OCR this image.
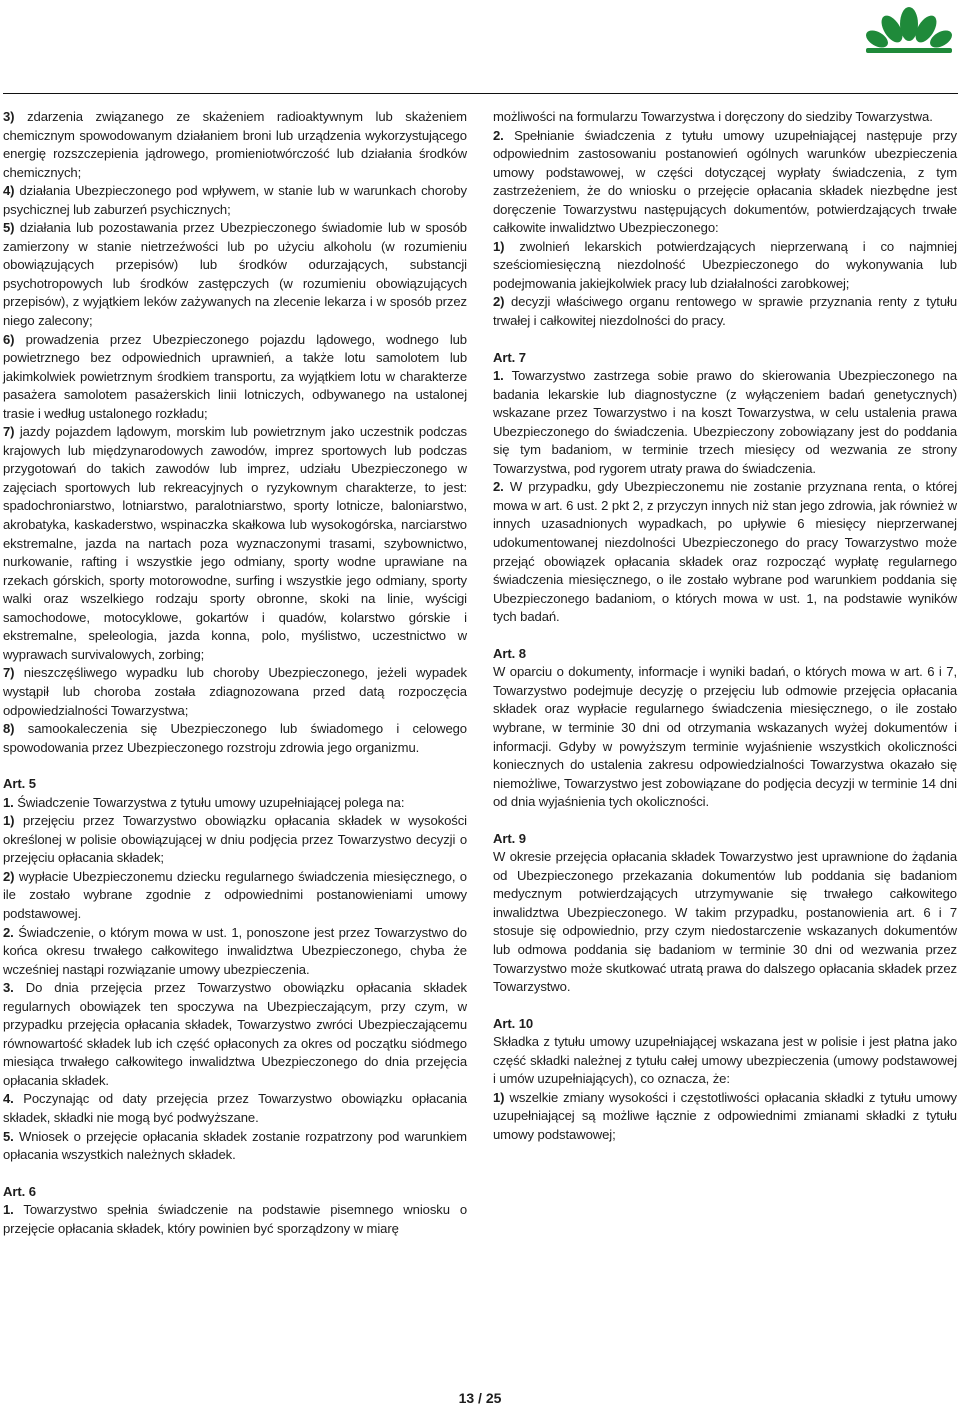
3) zdarzenia związanego ze skażeniem radioaktywnym lub skażeniem chemicznym spowodowanym działaniem broni lub urządzenia wykorzystującego energię rozszczepienia jądrowego, promieniotwórczość lub działania środków chemicznych;

4) działania Ubezpieczonego pod wpływem, w stanie lub w warunkach choroby psychicznej lub zaburzeń psychicznych;

5) działania lub pozostawania przez Ubezpieczonego świadomie lub w sposób zamierzony w stanie nietrzeźwości lub po użyciu alkoholu (w rozumieniu obowiązujących przepisów) lub środków odurzających, substancji psychotropowych lub środków zastępczych (w rozumieniu obowiązujących przepisów), z wyjątkiem leków zażywanych na zlecenie lekarza i w sposób przez niego zalecony;

6) prowadzenia przez Ubezpieczonego pojazdu lądowego, wodnego lub powietrznego bez odpowiednich uprawnień, a także lotu samolotem lub jakimkolwiek powietrznym środkiem transportu, za wyjątkiem lotu w charakterze pasażera samolotem pasażerskich linii lotniczych, odbywanego na ustalonej trasie i według ustalonego rozkładu;

7) jazdy pojazdem lądowym, morskim lub powietrznym jako uczestnik podczas krajowych lub międzynarodowych zawodów, imprez sportowych lub podczas przygotowań do takich zawodów lub imprez, udziału Ubezpieczonego w zajęciach sportowych lub rekreacyjnych o ryzykownym charakterze, to jest: spadochroniarstwo, lotniarstwo, paralotniarstwo, sporty lotnicze, baloniarstwo, akrobatyka, kaskaderstwo, wspinaczka skałkowa lub wysokogórska, narciarstwo ekstremalne, jazda na nartach poza wyznaczonymi trasami, szybownictwo, nurkowanie, rafting i wszystkie jego odmiany, sporty wodne uprawiane na rzekach górskich, sporty motorowodne, surfing i wszystkie jego odmiany, sporty walki oraz wszelkiego rodzaju sporty obronne, skoki na linie, wyścigi samochodowe, motocyklowe, gokartów i quadów, kolarstwo górskie i ekstremalne, speleologia, jazda konna, polo, myślistwo, uczestnictwo w wyprawach survivalowych, zorbing;

7) nieszczęśliwego wypadku lub choroby Ubezpieczonego, jeżeli wypadek wystąpił lub choroba została zdiagnozowana przed datą rozpoczęcia odpowiedzialności Towarzystwa;

8) samookaleczenia się Ubezpieczonego lub świadomego i celowego spowodowania przez Ubezpieczonego rozstroju zdrowia jego organizmu.

Art. 5

1. Świadczenie Towarzystwa z tytułu umowy uzupełniającej polega na:

1) przejęciu przez Towarzystwo obowiązku opłacania składek w wysokości określonej w polisie obowiązującej w dniu podjęcia przez Towarzystwo decyzji o przejęciu opłacania składek;

2) wypłacie Ubezpieczonemu dziecku regularnego świadczenia miesięcznego, o ile zostało wybrane zgodnie z odpowiednimi postanowieniami umowy podstawowej.

2. Świadczenie, o którym mowa w ust. 1, ponoszone jest przez Towarzystwo do końca okresu trwałego całkowitego inwalidztwa Ubezpieczonego, chyba że wcześniej nastąpi rozwiązanie umowy ubezpieczenia.

3. Do dnia przejęcia przez Towarzystwo obowiązku opłacania składek regularnych obowiązek ten spoczywa na Ubezpieczającym, przy czym, w przypadku przejęcia opłacania składek, Towarzystwo zwróci Ubezpieczającemu równowartość składek lub ich część opłaconych za okres od początku siódmego miesiąca trwałego całkowitego inwalidztwa Ubezpieczonego do dnia przejęcia opłacania składek.

4. Poczynając od daty przejęcia przez Towarzystwo obowiązku opłacania składek, składki nie mogą być podwyższane.

5. Wniosek o przejęcie opłacania składek zostanie rozpatrzony pod warunkiem opłacania wszystkich należnych składek.

Art. 6

1. Towarzystwo spełnia świadczenie na podstawie pisemnego wniosku o przejęcie opłacania składek, który powinien być sporządzony w miarę

możliwości na formularzu Towarzystwa i doręczony do siedziby Towarzystwa.

2. Spełnianie świadczenia z tytułu umowy uzupełniającej następuje przy odpowiednim zastosowaniu postanowień ogólnych warunków ubezpieczenia umowy podstawowej, w części dotyczącej wypłaty świadczenia, z tym zastrzeżeniem, że do wniosku o przejęcie opłacania składek niezbędne jest doręczenie Towarzystwu następujących dokumentów, potwierdzających trwałe całkowite inwalidztwo Ubezpieczonego:

1) zwolnień lekarskich potwierdzających nieprzerwaną i co najmniej sześciomiesięczną niezdolność Ubezpieczonego do wykonywania lub podejmowania jakiejkolwiek pracy lub działalności zarobkowej;

2) decyzji właściwego organu rentowego w sprawie przyznania renty z tytułu trwałej i całkowitej niezdolności do pracy.

Art. 7

1. Towarzystwo zastrzega sobie prawo do skierowania Ubezpieczonego na badania lekarskie lub diagnostyczne (z wyłączeniem badań genetycznych) wskazane przez Towarzystwo i na koszt Towarzystwa, w celu ustalenia prawa Ubezpieczonego do świadczenia. Ubezpieczony zobowiązany jest do poddania się tym badaniom, w terminie trzech miesięcy od wezwania ze strony Towarzystwa, pod rygorem utraty prawa do świadczenia.

2. W przypadku, gdy Ubezpieczonemu nie zostanie przyznana renta, o której mowa w art. 6 ust. 2 pkt 2, z przyczyn innych niż stan jego zdrowia, jak również w innych uzasadnionych wypadkach, po upływie 6 miesięcy nieprzerwanej udokumentowanej niezdolności Ubezpieczonego do pracy Towarzystwo może przejąć obowiązek opłacania składek oraz rozpocząć wypłatę regularnego świadczenia miesięcznego, o ile zostało wybrane pod warunkiem poddania się Ubezpieczonego badaniom, o których mowa w ust. 1, na podstawie wyników tych badań.

Art. 8

W oparciu o dokumenty, informacje i wyniki badań, o których mowa w art. 6 i 7, Towarzystwo podejmuje decyzję o przejęciu lub odmowie przejęcia opłacania składek oraz wypłacie regularnego świadczenia miesięcznego, o ile zostało wybrane, w terminie 30 dni od otrzymania wskazanych wyżej dokumentów i informacji. Gdyby w powyższym terminie wyjaśnienie wszystkich okoliczności koniecznych do ustalenia zakresu odpowiedzialności Towarzystwa okazało się niemożliwe, Towarzystwo jest zobowiązane do podjęcia decyzji w terminie 14 dni od dnia wyjaśnienia tych okoliczności.

Art. 9

W okresie przejęcia opłacania składek Towarzystwo jest uprawnione do żądania od Ubezpieczonego przekazania dokumentów lub poddania się badaniom medycznym potwierdzających utrzymywanie się trwałego całkowitego inwalidztwa Ubezpieczonego. W takim przypadku, postanowienia art. 6 i 7 stosuje się odpowiednio, przy czym niedostarczenie wskazanych dokumentów lub odmowa poddania się badaniom w terminie 30 dni od wezwania przez Towarzystwo może skutkować utratą prawa do dalszego opłacania składek przez Towarzystwo.

Art. 10

Składka z tytułu umowy uzupełniającej wskazana jest w polisie i jest płatna jako część składki należnej z tytułu całej umowy ubezpieczenia (umowy podstawowej i umów uzupełniających), co oznacza, że:

1) wszelkie zmiany wysokości i częstotliwości opłacania składki z tytułu umowy uzupełniającej są możliwe łącznie z odpowiednimi zmianami składki z tytułu umowy podstawowej;

13 / 25
